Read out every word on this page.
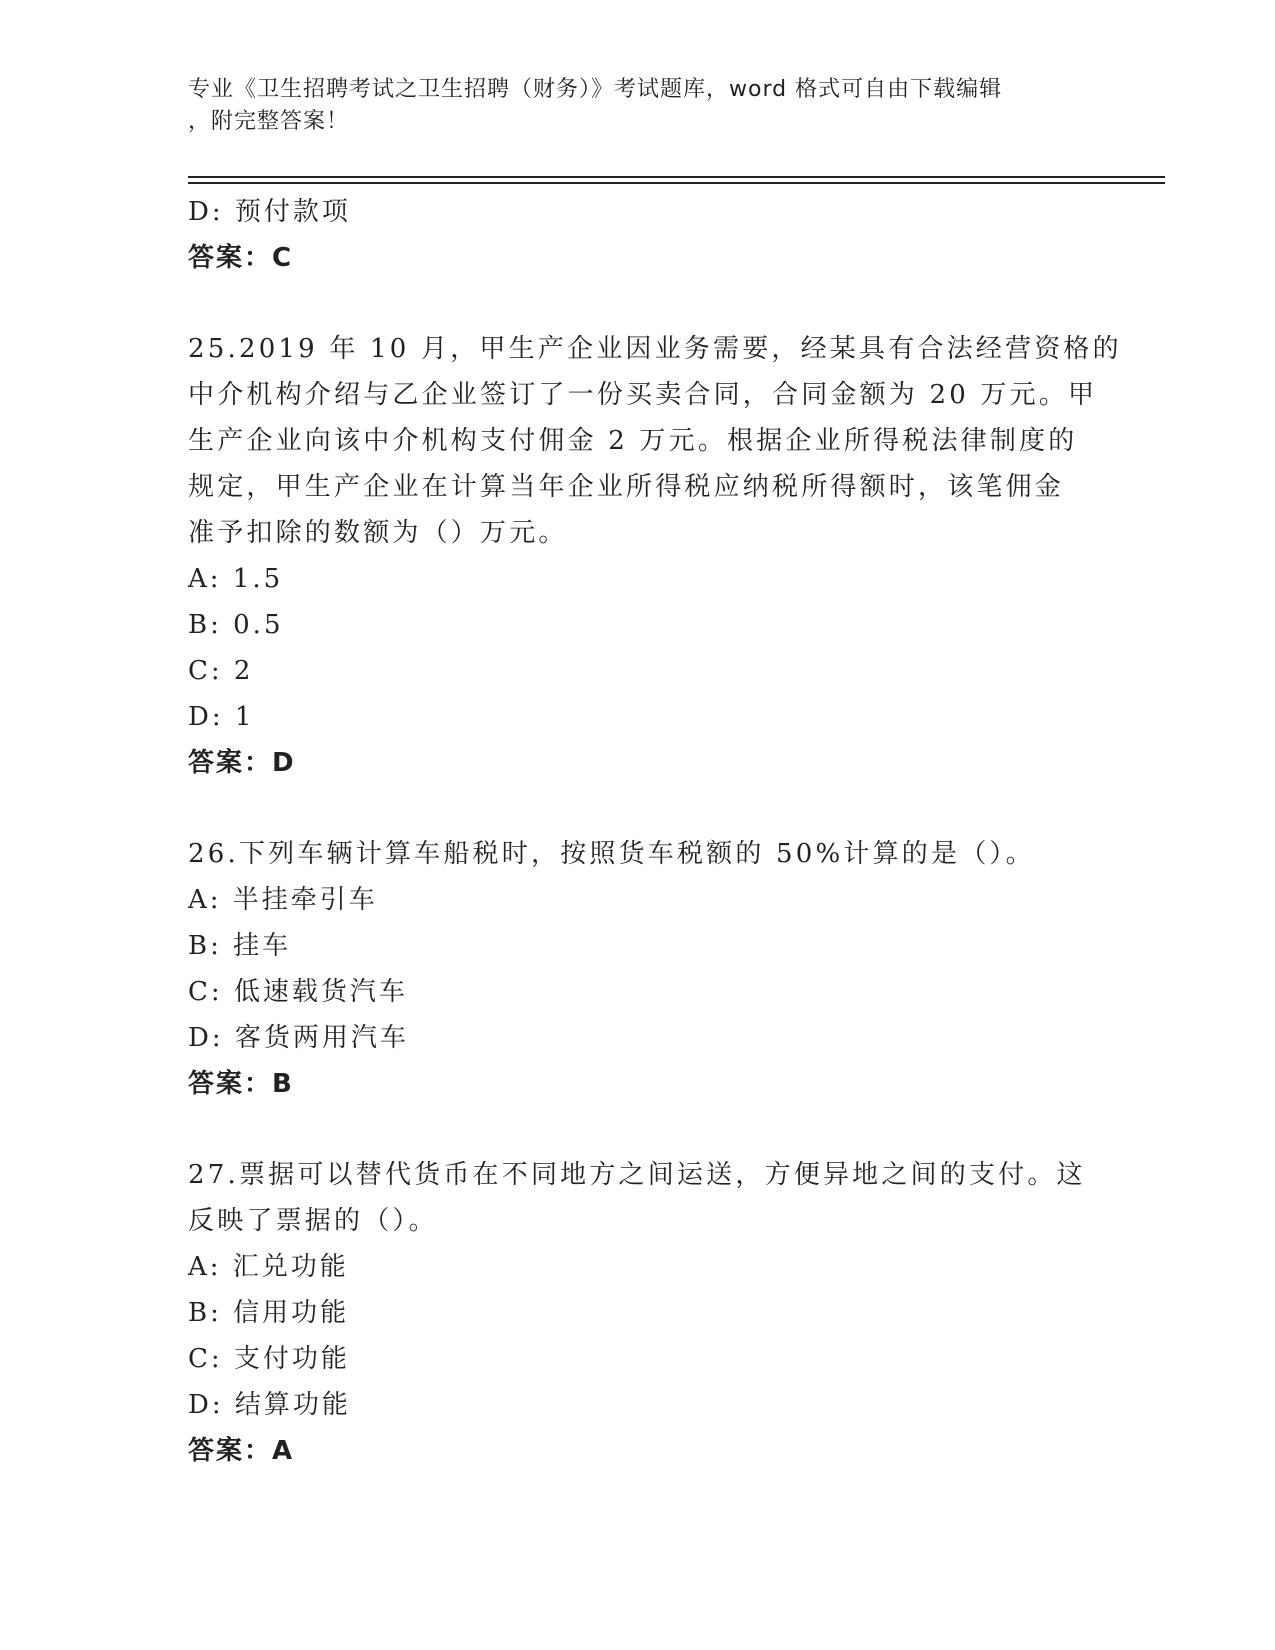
专业《卫生招聘考试之卫生招聘（财务）》考试题库，word 格式可自由下载编辑
，附完整答案！
D: 预付款项
答案：C
25.2019 年 10 月，甲生产企业因业务需要，经某具有合法经营资格的
中介机构介绍与乙企业签订了一份买卖合同，合同金额为 20 万元。甲
生产企业向该中介机构支付佣金 2 万元。根据企业所得税法律制度的
规定，甲生产企业在计算当年企业所得税应纳税所得额时，该笔佣金
准予扣除的数额为（）万元。
A: 1.5
B: 0.5
C: 2
D: 1
答案：D
26.下列车辆计算车船税时，按照货车税额的 50%计算的是（）。
A: 半挂牵引车
B: 挂车
C: 低速载货汽车
D: 客货两用汽车
答案：B
27.票据可以替代货币在不同地方之间运送，方便异地之间的支付。这
反映了票据的（）。
A: 汇兑功能
B: 信用功能
C: 支付功能
D: 结算功能
答案：A
